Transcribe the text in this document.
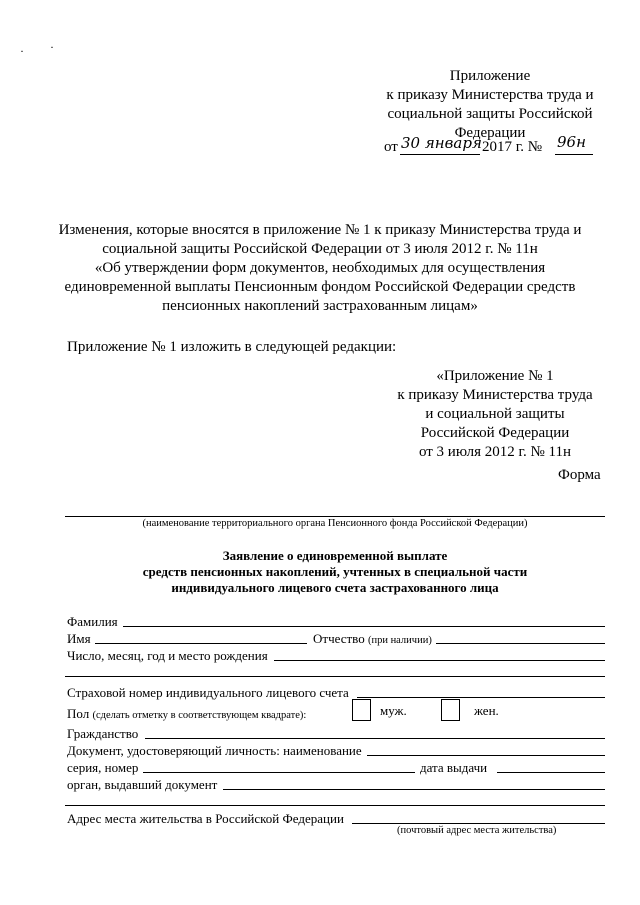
· ·
Приложение
к приказу Министерства труда и
социальной защиты Российской
Федерации
от 30 января 2017 г. № 96н
Изменения, которые вносятся в приложение № 1 к приказу Министерства труда и
социальной защиты Российской Федерации от 3 июля 2012 г. № 11н
«Об утверждении форм документов, необходимых для осуществления
единовременной выплаты Пенсионным фондом Российской Федерации средств
пенсионных накоплений застрахованным лицам»
Приложение № 1 изложить в следующей редакции:
«Приложение № 1
к приказу Министерства труда
и социальной защиты
Российской Федерации
от 3 июля 2012 г. № 11н
Форма
(наименование территориального органа Пенсионного фонда Российской Федерации)
Заявление о единовременной выплате
средств пенсионных накоплений, учтенных в специальной части
индивидуального лицевого счета застрахованного лица
Фамилия
Имя	Отчество (при наличии)
Число, месяц, год и место рождения
Страховой номер индивидуального лицевого счета
Пол (сделать отметку в соответствующем квадрате):	муж.	жен.
Гражданство
Документ, удостоверяющий личность: наименование
серия, номер	дата выдачи
орган, выдавший документ
Адрес места жительства в Российской Федерации
(почтовый адрес места жительства)
